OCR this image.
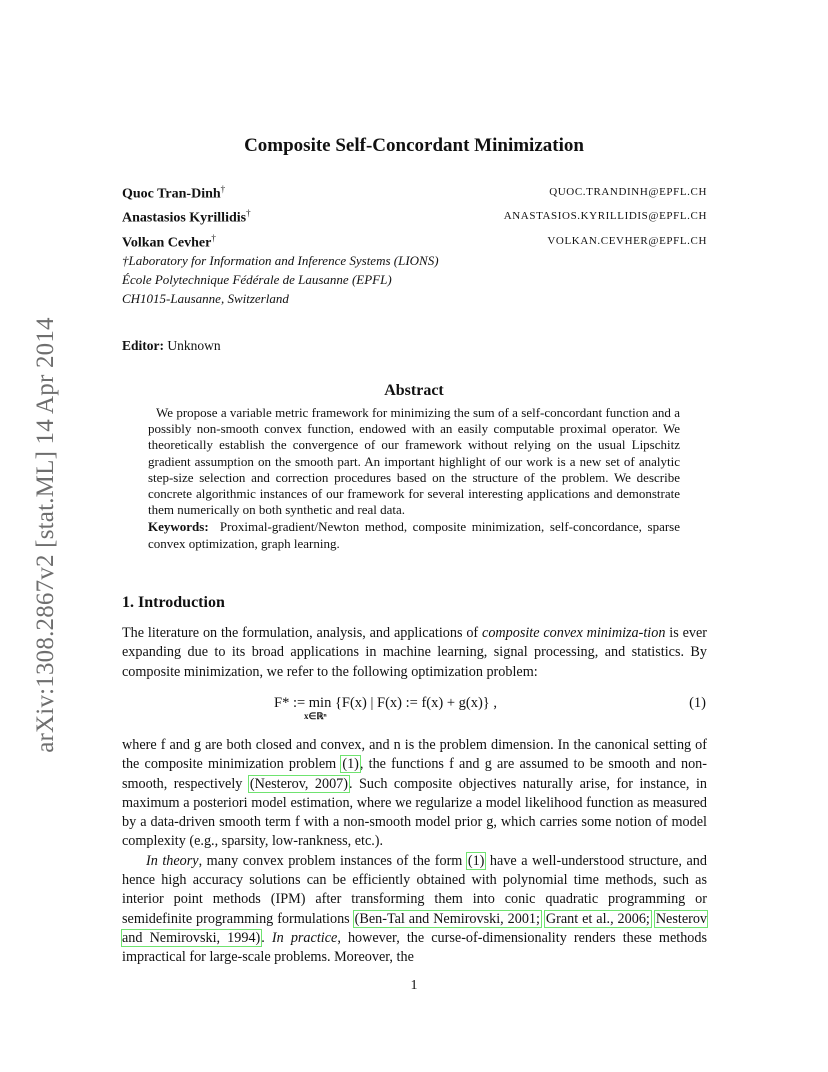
arXiv:1308.2867v2 [stat.ML] 14 Apr 2014
Composite Self-Concordant Minimization
Quoc Tran-Dinh†	QUOC.TRANDINH@EPFL.CH
Anastasios Kyrillidis†	ANASTASIOS.KYRILLIDIS@EPFL.CH
Volkan Cevher†	VOLKAN.CEVHER@EPFL.CH
†Laboratory for Information and Inference Systems (LIONS)
École Polytechnique Fédérale de Lausanne (EPFL)
CH1015-Lausanne, Switzerland
Editor: Unknown
Abstract

We propose a variable metric framework for minimizing the sum of a self-concordant function and a possibly non-smooth convex function, endowed with an easily computable proximal operator. We theoretically establish the convergence of our framework without relying on the usual Lipschitz gradient assumption on the smooth part. An important highlight of our work is a new set of analytic step-size selection and correction procedures based on the structure of the problem. We describe concrete algorithmic instances of our framework for several interesting applications and demonstrate them numerically on both synthetic and real data.

Keywords: Proximal-gradient/Newton method, composite minimization, self-concordance, sparse convex optimization, graph learning.
1. Introduction

The literature on the formulation, analysis, and applications of composite convex minimiza-tion is ever expanding due to its broad applications in machine learning, signal processing, and statistics. By composite minimization, we refer to the following optimization problem:

F* := min {F(x) | F(x) := f(x) + g(x)} ,
x∈ℝⁿ
(1)

where f and g are both closed and convex, and n is the problem dimension. In the canonical setting of the composite minimization problem (1), the functions f and g are assumed to be smooth and non-smooth, respectively (Nesterov, 2007). Such composite objectives naturally arise, for instance, in maximum a posteriori model estimation, where we regularize a model likelihood function as measured by a data-driven smooth term f with a non-smooth model prior g, which carries some notion of model complexity (e.g., sparsity, low-rankness, etc.).

In theory, many convex problem instances of the form (1) have a well-understood structure, and hence high accuracy solutions can be efficiently obtained with polynomial time methods, such as interior point methods (IPM) after transforming them into conic quadratic programming or semidefinite programming formulations (Ben-Tal and Nemirovski, 2001; Grant et al., 2006; Nesterov and Nemirovski, 1994). In practice, however, the curse-of-dimensionality renders these methods impractical for large-scale problems. Moreover, the

1
